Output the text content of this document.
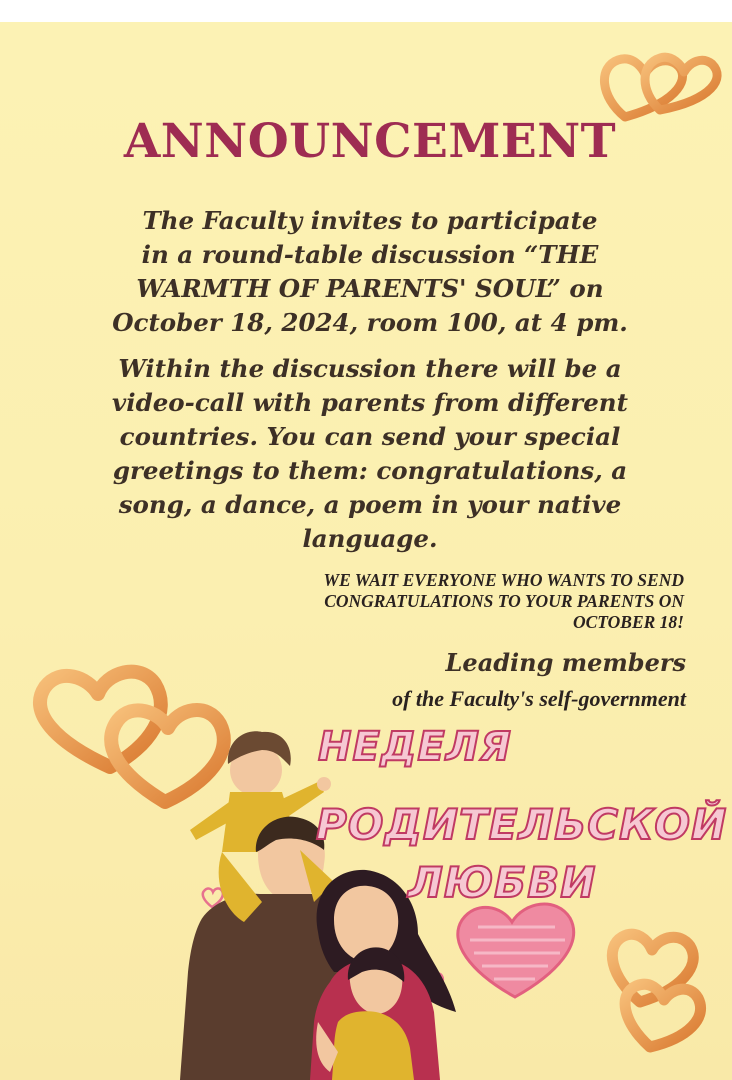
ANNOUNCEMENT
The Faculty invites to participate
in a round-table discussion “THE
WARMTH OF PARENTS' SOUL” on
October 18, 2024, room 100, at 4 pm.
Within the discussion there will be a
video-call with parents from different
countries. You can send your special
greetings to them: congratulations, a
song, a dance, a poem in your native
language.
WE WAIT EVERYONE WHO WANTS TO SEND
CONGRATULATIONS TO YOUR PARENTS ON
OCTOBER 18!
Leading members
of the Faculty's self-government
НЕДЕЛЯ
РОДИТЕЛЬСКОЙ
ЛЮБВИ
